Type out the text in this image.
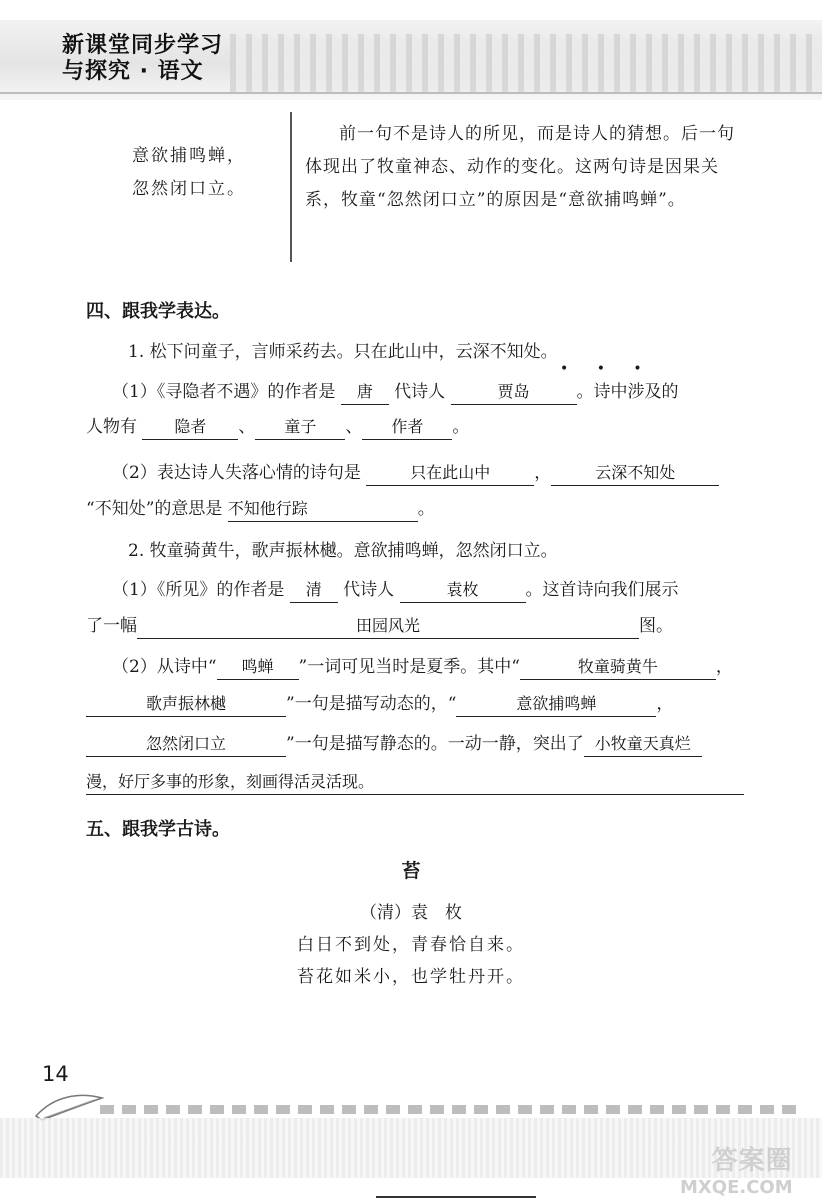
新课堂同步学习
与探究 · 语文
意欲捕鸣蝉，
忽然闭口立。
前一句不是诗人的所见，而是诗人的猜想。后一句体现出了牧童神态、动作的变化。这两句诗是因果关系，牧童“忽然闭口立”的原因是“意欲捕鸣蝉”。
四、跟我学表达。
1. 松下问童子，言师采药去。只在此山中，云深不知处。
• • •
（1）《寻隐者不遇》的作者是 唐 代诗人	贾岛	。诗中涉及的
人物有 隐者 、 童子 、 作者 。
（2）表达诗人失落心情的诗句是	只在此山中	，	云深不知处
“不知处”的意思是 不知他行踪	。
2. 牧童骑黄牛，歌声振林樾。意欲捕鸣蝉，忽然闭口立。
（1）《所见》的作者是 清 代诗人	袁枚	。这首诗向我们展示
了一幅	田园风光	图。
（2）从诗中“ 鸣蝉 ”一词可见当时是夏季。其中“	牧童骑黄牛	，
歌声振林樾	”一句是描写动态的，“	意欲捕鸣蝉	，
忽然闭口立	”一句是描写静态的。一动一静，突出了 小牧童天真烂
漫，好厅多事的形象，刻画得活灵活现。
五、跟我学古诗。
苔
（清）袁　枚
白日不到处，青春恰自来。
苔花如米小，也学牡丹开。
14
答案圈
MXQE.COM
